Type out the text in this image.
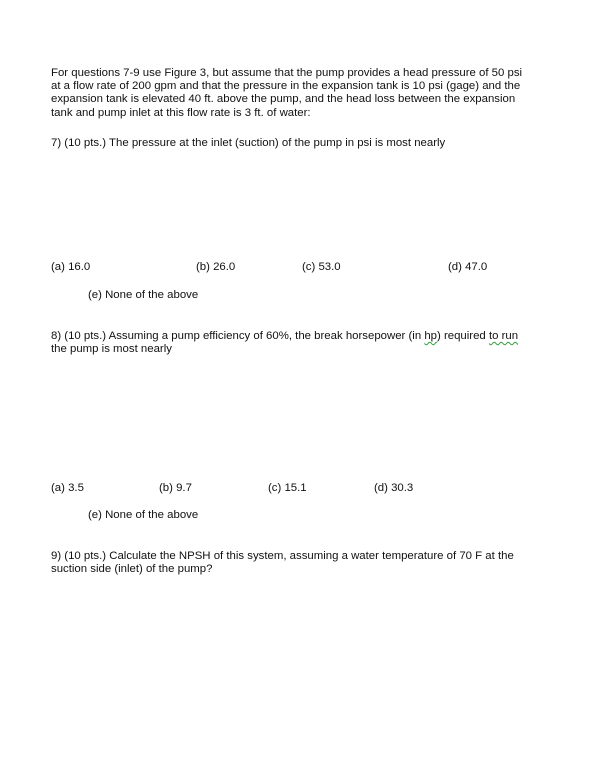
For questions 7-9 use Figure 3, but assume that the pump provides a head pressure of 50 psi
at a flow rate of 200 gpm and that the pressure in the expansion tank is 10 psi (gage) and the
expansion tank is elevated 40 ft. above the pump, and the head loss between the expansion
tank and pump inlet at this flow rate is 3 ft. of water:
7) (10 pts.) The pressure at the inlet (suction) of the pump in psi is most nearly
(a) 16.0	(b) 26.0	(c) 53.0	(d) 47.0
(e) None of the above
8) (10 pts.) Assuming a pump efficiency of 60%, the break horsepower (in hp) required to run
the pump is most nearly
(a) 3.5	(b) 9.7	(c) 15.1	(d) 30.3
(e) None of the above
9) (10 pts.) Calculate the NPSH of this system, assuming a water temperature of 70 F at the
suction side (inlet) of the pump?
